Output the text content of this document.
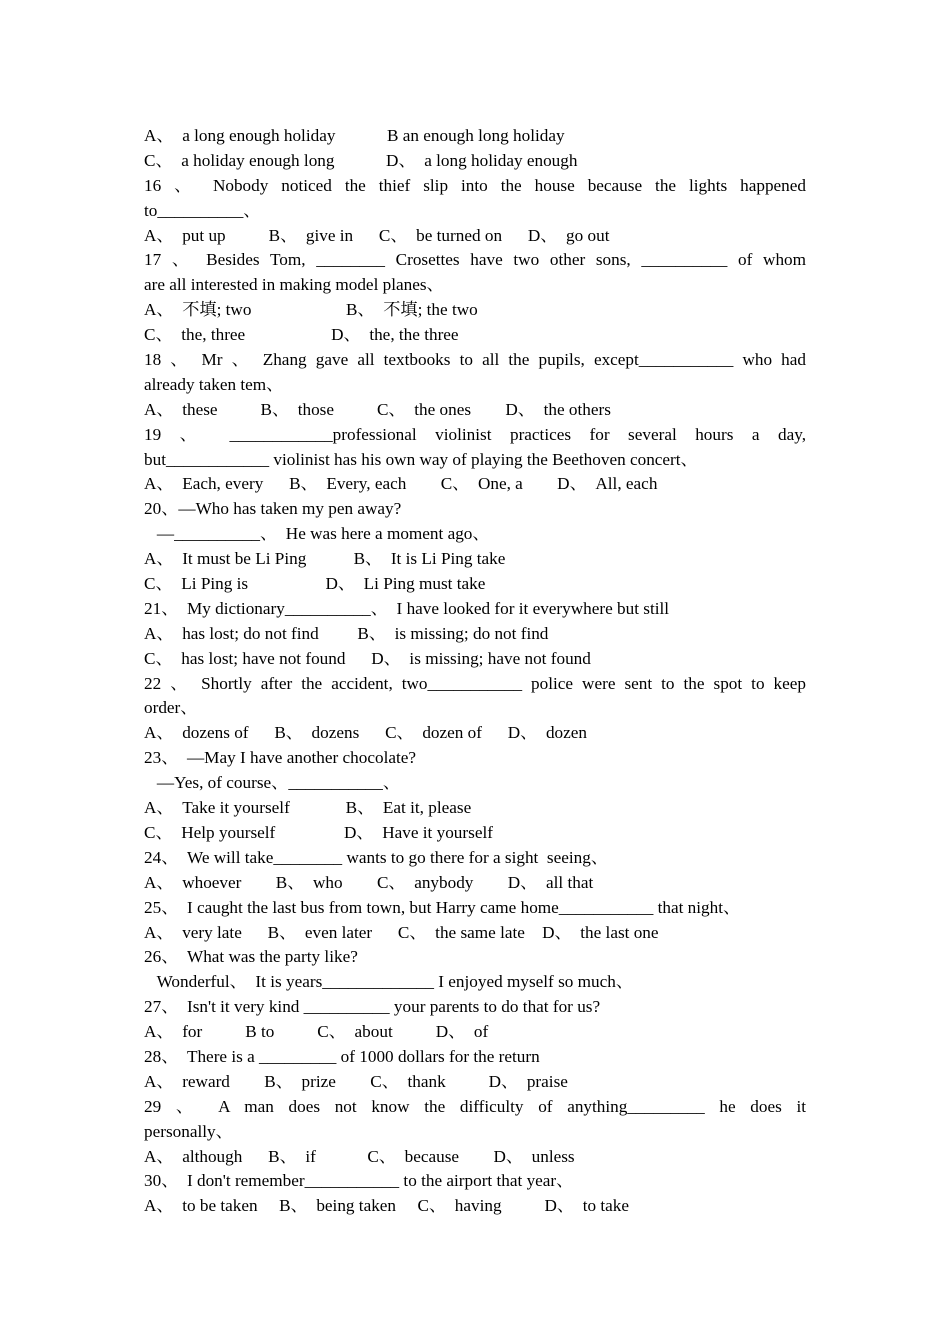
A、  a long enough holiday            B an enough long holiday
C、  a holiday enough long            D、  a long holiday enough
16 、 Nobody noticed the thief slip into the house because the lights happened
to__________、
A、  put up          B、  give in      C、  be turned on      D、  go out
17 、 Besides Tom, ________ Crosettes have two other sons, __________ of whom
are all interested in making model planes、
A、  不填; two                      B、  不填; the two
C、  the, three                    D、  the, the three
18 、 Mr 、 Zhang gave all textbooks to all the pupils, except___________ who had
already taken tem、
A、  these          B、  those          C、  the ones        D、  the others
19 、 ____________professional violinist practices for several hours a day,
but____________ violinist has his own way of playing the Beethoven concert、
A、  Each, every      B、  Every, each        C、  One, a        D、  All, each
20、—Who has taken my pen away?
—__________、  He was here a moment ago、
A、  It must be Li Ping           B、  It is Li Ping take
C、  Li Ping is                  D、  Li Ping must take
21、  My dictionary__________、  I have looked for it everywhere but still
A、  has lost; do not find         B、  is missing; do not find
C、  has lost; have not found      D、  is missing; have not found
22 、 Shortly after the accident, two___________ police were sent to the spot to keep
order、
A、  dozens of      B、  dozens      C、  dozen of      D、  dozen
23、  —May I have another chocolate?
—Yes, of course、___________、
A、  Take it yourself             B、  Eat it, please
C、  Help yourself                D、  Have it yourself
24、  We will take________ wants to go there for a sight  seeing、
A、  whoever        B、  who        C、  anybody        D、  all that
25、  I caught the last bus from town, but Harry came home___________ that night、
A、  very late      B、  even later      C、  the same late    D、  the last one
26、  What was the party like?
Wonderful、  It is years_____________ I enjoyed myself so much、
27、  Isn't it very kind __________ your parents to do that for us?
A、  for          B to          C、  about          D、  of
28、  There is a _________ of 1000 dollars for the return
A、  reward        B、  prize        C、  thank          D、  praise
29 、 A man does not know the difficulty of anything_________ he does it
personally、
A、  although      B、  if            C、  because        D、  unless
30、  I don't remember___________ to the airport that year、
A、  to be taken     B、  being taken     C、  having          D、  to take
